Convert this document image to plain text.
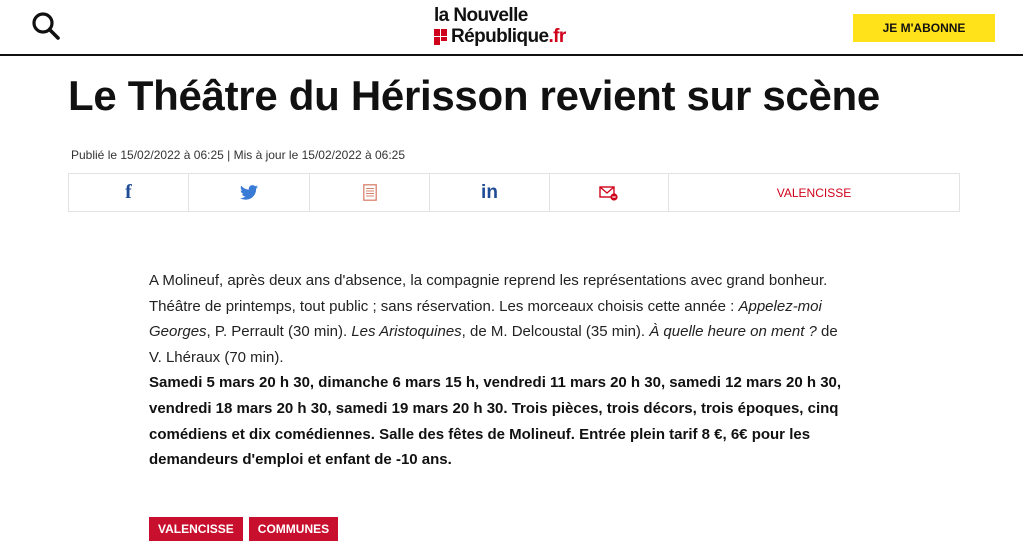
la Nouvelle
République .fr	JE M'ABONNE
Le Théâtre du Hérisson revient sur scène
Publié le 15/02/2022 à 06:25 | Mis à jour le 15/02/2022 à 06:25
f	in	VALENCISSE
A Molineuf, après deux ans d'absence, la compagnie reprend les représentations avec grand bonheur.
Théâtre de printemps, tout public ; sans réservation. Les morceaux choisis cette année : Appelez-moi
Georges, P. Perrault (30 min). Les Aristoquines, de M. Delcoustal (35 min). À quelle heure on ment ? de
V. Lhéraux (70 min).
Samedi 5 mars 20 h 30, dimanche 6 mars 15 h, vendredi 11 mars 20 h 30, samedi 12 mars 20 h 30,
vendredi 18 mars 20 h 30, samedi 19 mars 20 h 30. Trois pièces, trois décors, trois époques, cinq
comédiens et dix comédiennes. Salle des fêtes de Molineuf. Entrée plein tarif 8 €, 6€ pour les
demandeurs d'emploi et enfant de -10 ans.
VALENCISSE	COMMUNES
